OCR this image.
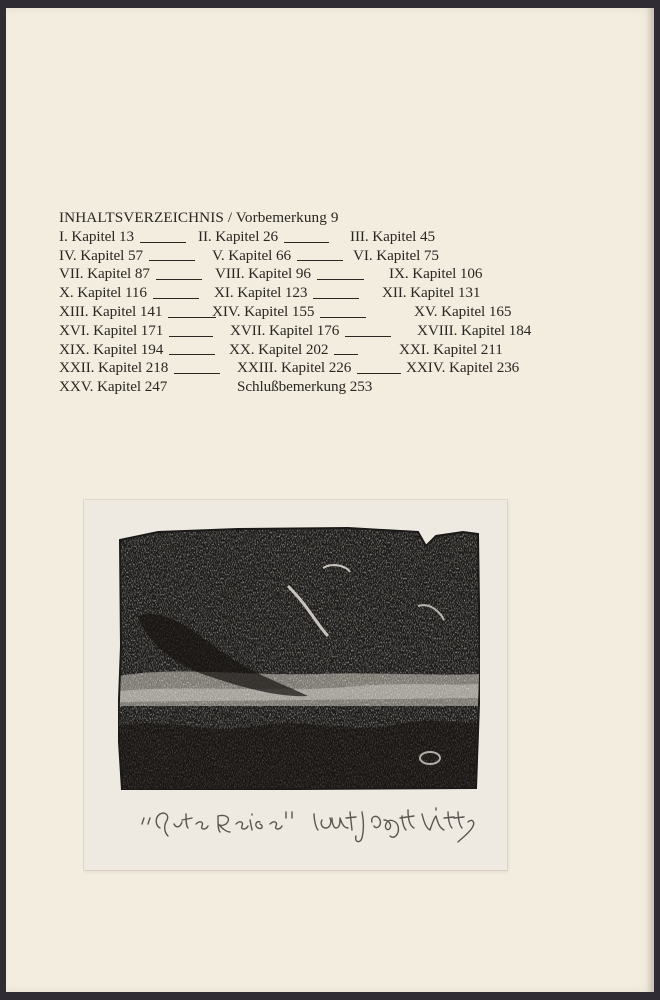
INHALTSVERZEICHNIS / Vorbemerkung 9
I. Kapitel 13	II. Kapitel 26	III. Kapitel 45
IV. Kapitel 57	V. Kapitel 66	VI. Kapitel 75
VII. Kapitel 87	VIII. Kapitel 96	IX. Kapitel 106
X. Kapitel 116	XI. Kapitel 123	XII. Kapitel 131
XIII. Kapitel 141	XIV. Kapitel 155	XV. Kapitel 165
XVI. Kapitel 171	XVII. Kapitel 176	XVIII. Kapitel 184
XIX. Kapitel 194	XX. Kapitel 202	XXI. Kapitel 211
XXII. Kapitel 218	XXIII. Kapitel 226	XXIV. Kapitel 236
XXV. Kapitel 247	Schlußbemerkung 253
